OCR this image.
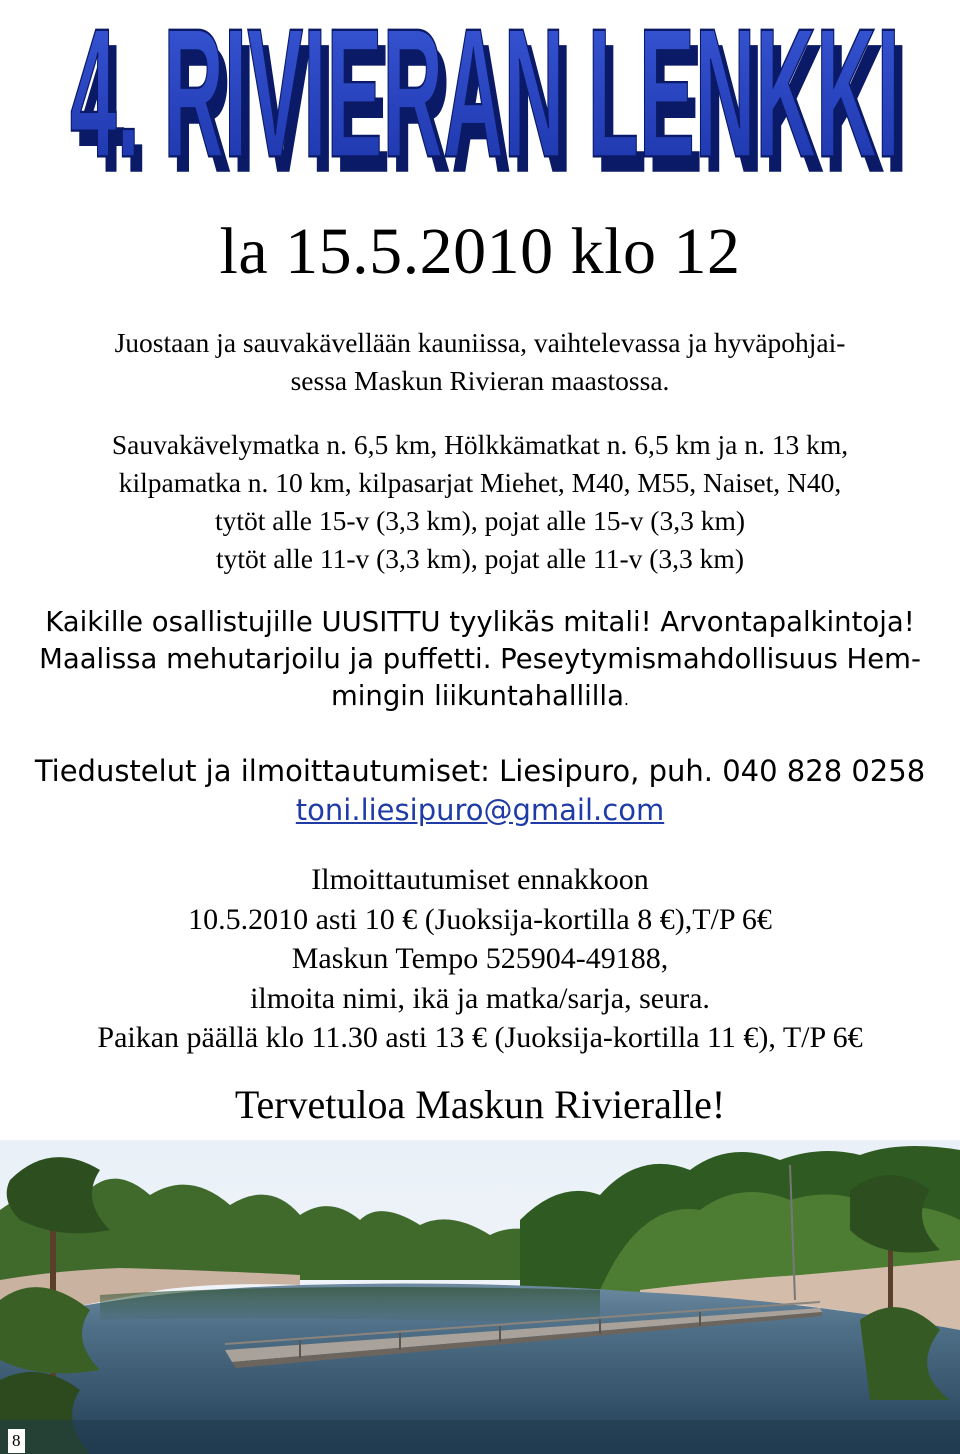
4. RIVIERAN LENKKI
4. RIVIERAN LENKKI
la 15.5.2010 klo 12
Juostaan ja sauvakävellään kauniissa, vaihtelevassa ja hyväpohjai-
sessa Maskun Rivieran maastossa.
Sauvakävelymatka n. 6,5 km, Hölkkämatkat n. 6,5 km ja n. 13 km,
kilpamatka n. 10 km, kilpasarjat Miehet, M40, M55, Naiset, N40,
tytöt alle 15-v (3,3 km), pojat alle 15-v (3,3 km)
tytöt alle 11-v (3,3 km), pojat alle 11-v (3,3 km)
Kaikille osallistujille UUSITTU tyylikäs mitali! Arvontapalkintoja!
Maalissa mehutarjoilu ja puffetti. Peseytymismahdollisuus Hem-
mingin liikuntahallilla.
Tiedustelut ja ilmoittautumiset: Liesipuro, puh. 040 828 0258
toni.liesipuro@gmail.com
Ilmoittautumiset ennakkoon
10.5.2010 asti 10 € (Juoksija-kortilla 8 €),T/P 6€
Maskun Tempo 525904-49188,
ilmoita nimi, ikä ja matka/sarja, seura.
Paikan päällä klo 11.30 asti 13 € (Juoksija-kortilla 11 €), T/P 6€
Tervetuloa Maskun Rivieralle!
8
